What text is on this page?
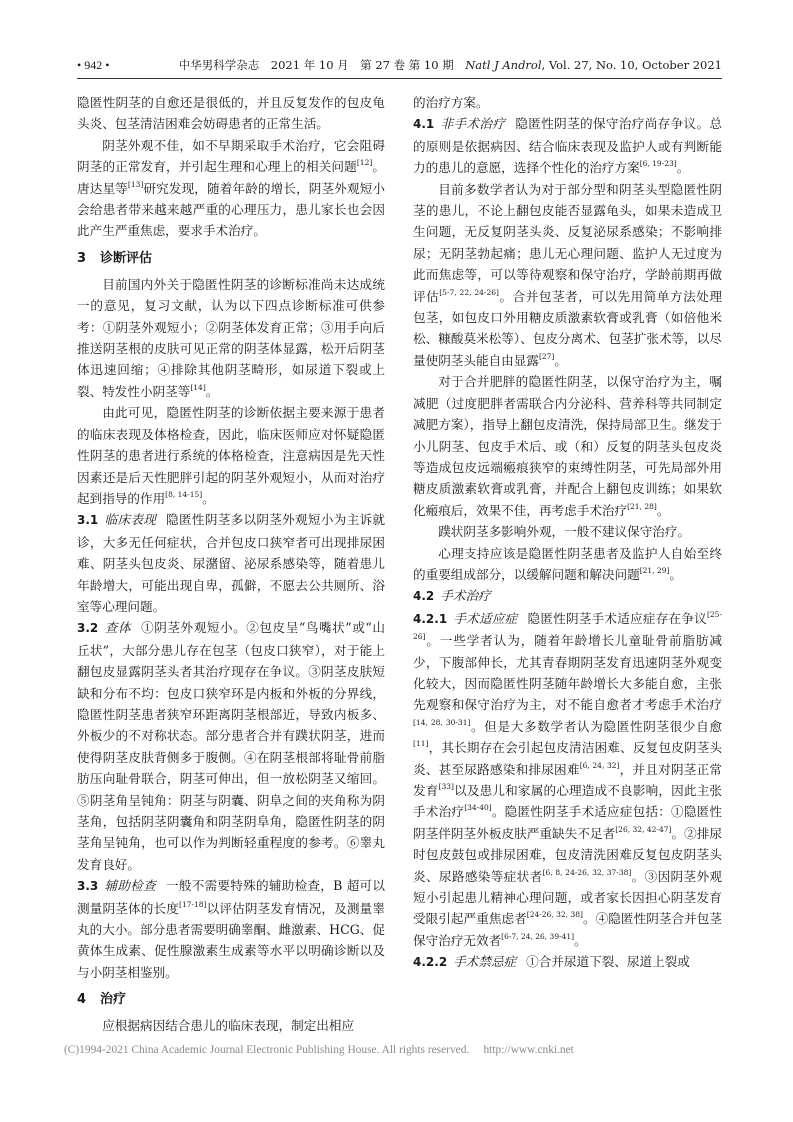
• 942 •	中华男科学杂志　2021 年 10 月　第 27 卷 第 10 期　Natl J Androl, Vol. 27, No. 10, October 2021

隐匿性阴茎的自愈还是很低的，并且反复发作的包皮龟头炎、包茎清洁困难会妨碍患者的正常生活。

阴茎外观不佳，如不早期采取手术治疗，它会阻碍阴茎的正常发育，并引起生理和心理上的相关问题[12]。唐达星等[13]研究发现，随着年龄的增长，阴茎外观短小会给患者带来越来越严重的心理压力，患儿家长也会因此产生严重焦虑，要求手术治疗。

3 诊断评估

目前国内外关于隐匿性阴茎的诊断标准尚未达成统一的意见，复习文献，认为以下四点诊断标准可供参考：①阴茎外观短小；②阴茎体发育正常；③用手向后推送阴茎根的皮肤可见正常的阴茎体显露，松开后阴茎体迅速回缩；④排除其他阴茎畸形，如尿道下裂或上裂、特发性小阴茎等[14]。

由此可见，隐匿性阴茎的诊断依据主要来源于患者的临床表现及体格检查，因此，临床医师应对怀疑隐匿性阴茎的患者进行系统的体格检查，注意病因是先天性因素还是后天性肥胖引起的阴茎外观短小，从而对治疗起到指导的作用[8, 14-15]。

3.1 临床表现 隐匿性阴茎多以阴茎外观短小为主诉就诊，大多无任何症状，合并包皮口狭窄者可出现排尿困难、阴茎头包皮炎、尿潴留、泌尿系感染等，随着患儿年龄增大，可能出现自卑，孤僻，不愿去公共厕所、浴室等心理问题。

3.2 查体 ①阴茎外观短小。②包皮呈“鸟嘴状”或“山丘状”，大部分患儿存在包茎（包皮口狭窄），对于能上翻包皮显露阴茎头者其治疗现存在争议。③阴茎皮肤短缺和分布不均：包皮口狭窄环是内板和外板的分界线，隐匿性阴茎患者狭窄环距离阴茎根部近，导致内板多、外板少的不对称状态。部分患者合并有蹼状阴茎，进而使得阴茎皮肤背侧多于腹侧。④在阴茎根部将耻骨前脂肪压向耻骨联合，阴茎可伸出，但一放松阴茎又缩回。⑤阴茎角呈钝角：阴茎与阴囊、阴阜之间的夹角称为阴茎角，包括阴茎阴囊角和阴茎阴阜角，隐匿性阴茎的阴茎角呈钝角，也可以作为判断轻重程度的参考。⑥睾丸发育良好。

3.3 辅助检查 一般不需要特殊的辅助检查，B 超可以测量阴茎体的长度[17-18]以评估阴茎发育情况，及测量睾丸的大小。部分患者需要明确睾酮、雌激素、HCG、促黄体生成素、促性腺激素生成素等水平以明确诊断以及与小阴茎相鉴别。

4 治疗

应根据病因结合患儿的临床表现，制定出相应

的治疗方案。

4.1 非手术治疗 隐匿性阴茎的保守治疗尚存争议。总的原则是依据病因、结合临床表现及监护人或有判断能力的患儿的意愿，选择个性化的治疗方案[6, 19-23]。

目前多数学者认为对于部分型和阴茎头型隐匿性阴茎的患儿，不论上翻包皮能否显露龟头，如果未造成卫生问题，无反复阴茎头炎、反复泌尿系感染；不影响排尿；无阴茎勃起痛；患儿无心理问题、监护人无过度为此而焦虑等，可以等待观察和保守治疗，学龄前期再做评估[5-7, 22, 24-26]。合并包茎者，可以先用简单方法处理包茎，如包皮口外用糖皮质激素软膏或乳膏（如倍他米松、糠酸莫米松等）、包皮分离术、包茎扩张术等，以尽量使阴茎头能自由显露[27]。

对于合并肥胖的隐匿性阴茎，以保守治疗为主，嘱减肥（过度肥胖者需联合内分泌科、营养科等共同制定减肥方案），指导上翻包皮清洗，保持局部卫生。继发于小儿阴茎、包皮手术后、或（和）反复的阴茎头包皮炎等造成包皮远端瘢痕狭窄的束缚性阴茎，可先局部外用糖皮质激素软膏或乳膏，并配合上翻包皮训练；如果软化瘢痕后，效果不佳，再考虑手术治疗[21, 28]。

蹼状阴茎多影响外观，一般不建议保守治疗。

心理支持应该是隐匿性阴茎患者及监护人自始至终的重要组成部分，以缓解问题和解决问题[21, 29]。

4.2 手术治疗

4.2.1 手术适应症 隐匿性阴茎手术适应症存在争议[25-26]。一些学者认为，随着年龄增长儿童耻骨前脂肪减少，下腹部伸长，尤其青春期阴茎发育迅速阴茎外观变化较大，因而隐匿性阴茎随年龄增长大多能自愈，主张先观察和保守治疗为主，对不能自愈者才考虑手术治疗[14, 28, 30-31]。但是大多数学者认为隐匿性阴茎很少自愈[11]，其长期存在会引起包皮清洁困难、反复包皮阴茎头炎、甚至尿路感染和排尿困难[6, 24, 32]，并且对阴茎正常发育[33]以及患儿和家属的心理造成不良影响，因此主张手术治疗[34-40]。隐匿性阴茎手术适应症包括：①隐匿性阴茎伴阴茎外板皮肤严重缺失不足者[26, 32, 42-47]。②排尿时包皮鼓包或排尿困难，包皮清洗困难反复包皮阴茎头炎、尿路感染等症状者[6, 8, 24-26, 32, 37-38]。③因阴茎外观短小引起患儿精神心理问题，或者家长因担心阴茎发育受限引起严重焦虑者[24-26, 32, 38]。④隐匿性阴茎合并包茎保守治疗无效者[6-7, 24, 26, 39-41]。

4.2.2 手术禁忌症 ①合并尿道下裂、尿道上裂或

(C)1994-2021 China Academic Journal Electronic Publishing House. All rights reserved.　 http://www.cnki.net
